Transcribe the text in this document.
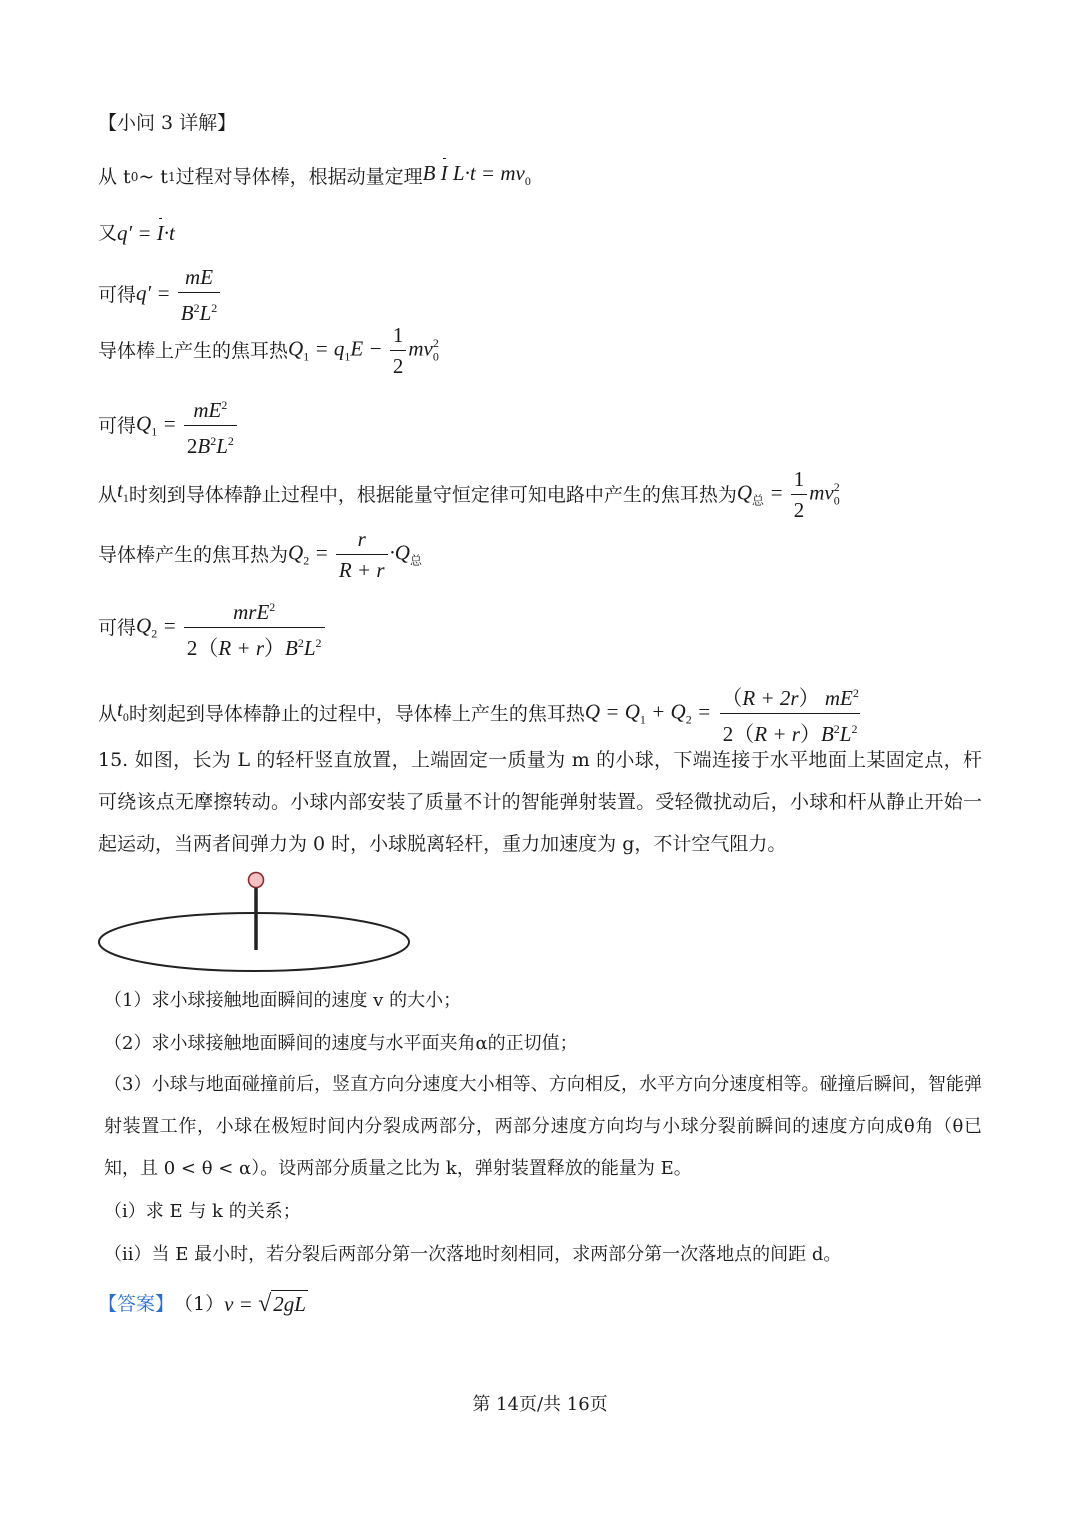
【小问 3 详解】
从 t 0 ~ t 1 过程对导体棒，根据动量定理 B I $L\cdot t = mv_0$
又 q′ = I·t
可得 $q' = \frac{mE}{B^2L^2}$
导体棒上产生的焦耳热 $Q_1 = q_1E - \frac{1}{2} mv_0^2$
可得 $Q_1 = \frac{mE^2}{2B^2L^2}$
从 $t_1$ 时刻到导体棒静止过程中，根据能量守恒定律可知电路中产生的焦耳热为 $Q_总 = \frac{1}{2} mv_0^2$
导体棒产生的焦耳热为 $Q_2 = \frac{r}{R + r} \cdot Q_总$
可得 $Q_2 = \frac{mrE^2}{2(R + r)B^2L^2}$
从 $t_0$ 时刻起到导体棒静止的过程中，导体棒上产生的焦耳热 $Q = Q_1 + Q_2 = \frac{(R + 2r) mE^2}{2(R + r)B^2L^2}$
15. 如图，长为 L 的轻杆竖直放置，上端固定一质量为 m 的小球，下端连接于水平地面上某固定点，杆可绕该点无摩擦转动。小球内部安装了质量不计的智能弹射装置。受轻微扰动后，小球和杆从静止开始一起运动，当两者间弹力为 0 时，小球脱离轻杆，重力加速度为 g，不计空气阻力。
（1）求小球接触地面瞬间的速度 v 的大小；
（2）求小球接触地面瞬间的速度与水平面夹角α的正切值；
（3）小球与地面碰撞前后，竖直方向分速度大小相等、方向相反，水平方向分速度相等。碰撞后瞬间，智能弹射装置工作，小球在极短时间内分裂成两部分，两部分速度方向均与小球分裂前瞬间的速度方向成θ角（θ已知，且 0 < θ < α）。设两部分质量之比为 k，弹射装置释放的能量为 E。
（i）求 E 与 k 的关系；
（ii）当 E 最小时，若分裂后两部分第一次落地时刻相同，求两部分第一次落地点的间距 d。
【答案】 （1） v = √ 2gL
第 14页/共 16页
